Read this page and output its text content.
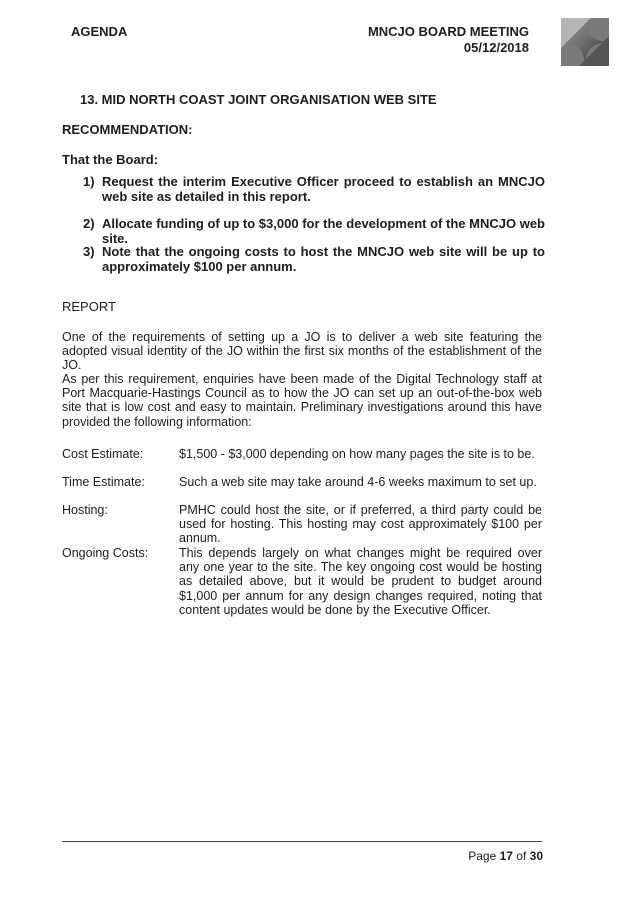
AGENDA	MNCJO BOARD MEETING
05/12/2018
13. MID NORTH COAST JOINT ORGANISATION WEB SITE
RECOMMENDATION:
That the Board:
1) Request the interim Executive Officer proceed to establish an MNCJO web site as detailed in this report.
2) Allocate funding of up to $3,000 for the development of the MNCJO web site.
3) Note that the ongoing costs to host the MNCJO web site will be up to approximately $100 per annum.
REPORT
One of the requirements of setting up a JO is to deliver a web site featuring the adopted visual identity of the JO within the first six months of the establishment of the JO.
As per this requirement, enquiries have been made of the Digital Technology staff at Port Macquarie-Hastings Council as to how the JO can set up an out-of-the-box web site that is low cost and easy to maintain. Preliminary investigations around this have provided the following information:
Cost Estimate:	$1,500 - $3,000 depending on how many pages the site is to be.
Time Estimate:	Such a web site may take around 4-6 weeks maximum to set up.
Hosting:	PMHC could host the site, or if preferred, a third party could be used for hosting. This hosting may cost approximately $100 per annum.
Ongoing Costs: This depends largely on what changes might be required over any one year to the site. The key ongoing cost would be hosting as detailed above, but it would be prudent to budget around $1,000 per annum for any design changes required, noting that content updates would be done by the Executive Officer.
Page 17 of 30
